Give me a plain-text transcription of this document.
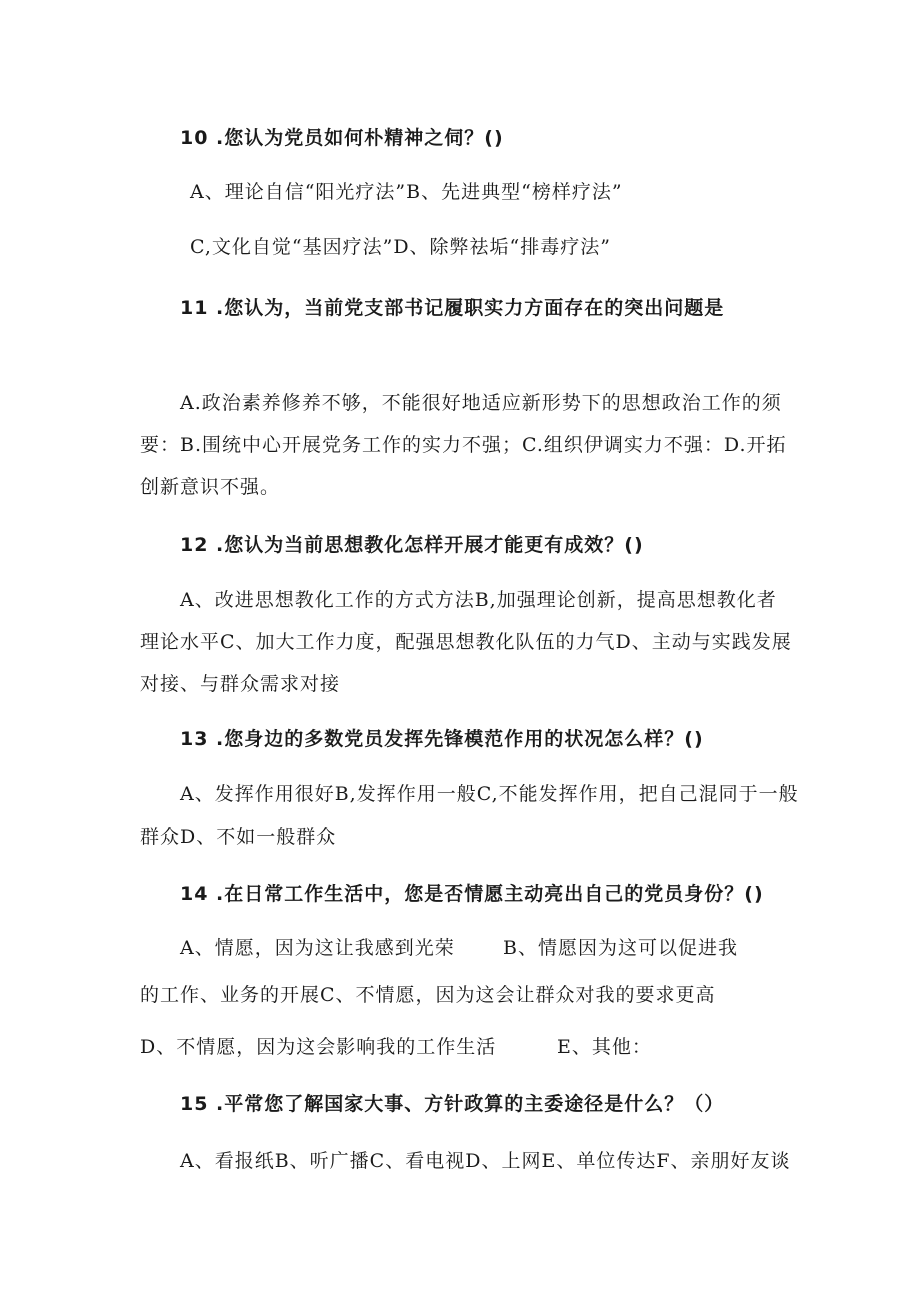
10 .您认为党员如何朴精神之伺？()
A、理论自信“阳光疗法”B、先进典型“榜样疗法”
C,文化自觉“基因疗法”D、除弊祛垢“排毒疗法”
11 .您认为，当前党支部书记履职实力方面存在的突出问题是
A.政治素养修养不够，不能很好地适应新形势下的思想政治工作的须
要：B.围统中心开展党务工作的实力不强；C.组织伊调实力不强：D.开拓
创新意识不强。
12 .您认为当前思想教化怎样开展才能更有成效？()
A、改进思想教化工作的方式方法B,加强理论创新，提高思想教化者
理论水平C、加大工作力度，配强思想教化队伍的力气D、主动与实践发展
对接、与群众需求对接
13 .您身边的多数党员发挥先锋模范作用的状况怎么样？()
A、发挥作用很好B,发挥作用一般C,不能发挥作用，把自己混同于一般
群众D、不如一般群众
14 .在日常工作生活中，您是否情愿主动亮出自己的党员身份？()
A、情愿，因为这让我感到光荣	B、情愿因为这可以促进我
的工作、业务的开展C、不情愿，因为这会让群众对我的要求更高
D、不情愿，因为这会影响我的工作生活	E、其他：
15 .平常您了解国家大事、方针政算的主委途径是什么？（）
A、看报纸B、听广播C、看电视D、上网E、单位传达F、亲朋好友谈
